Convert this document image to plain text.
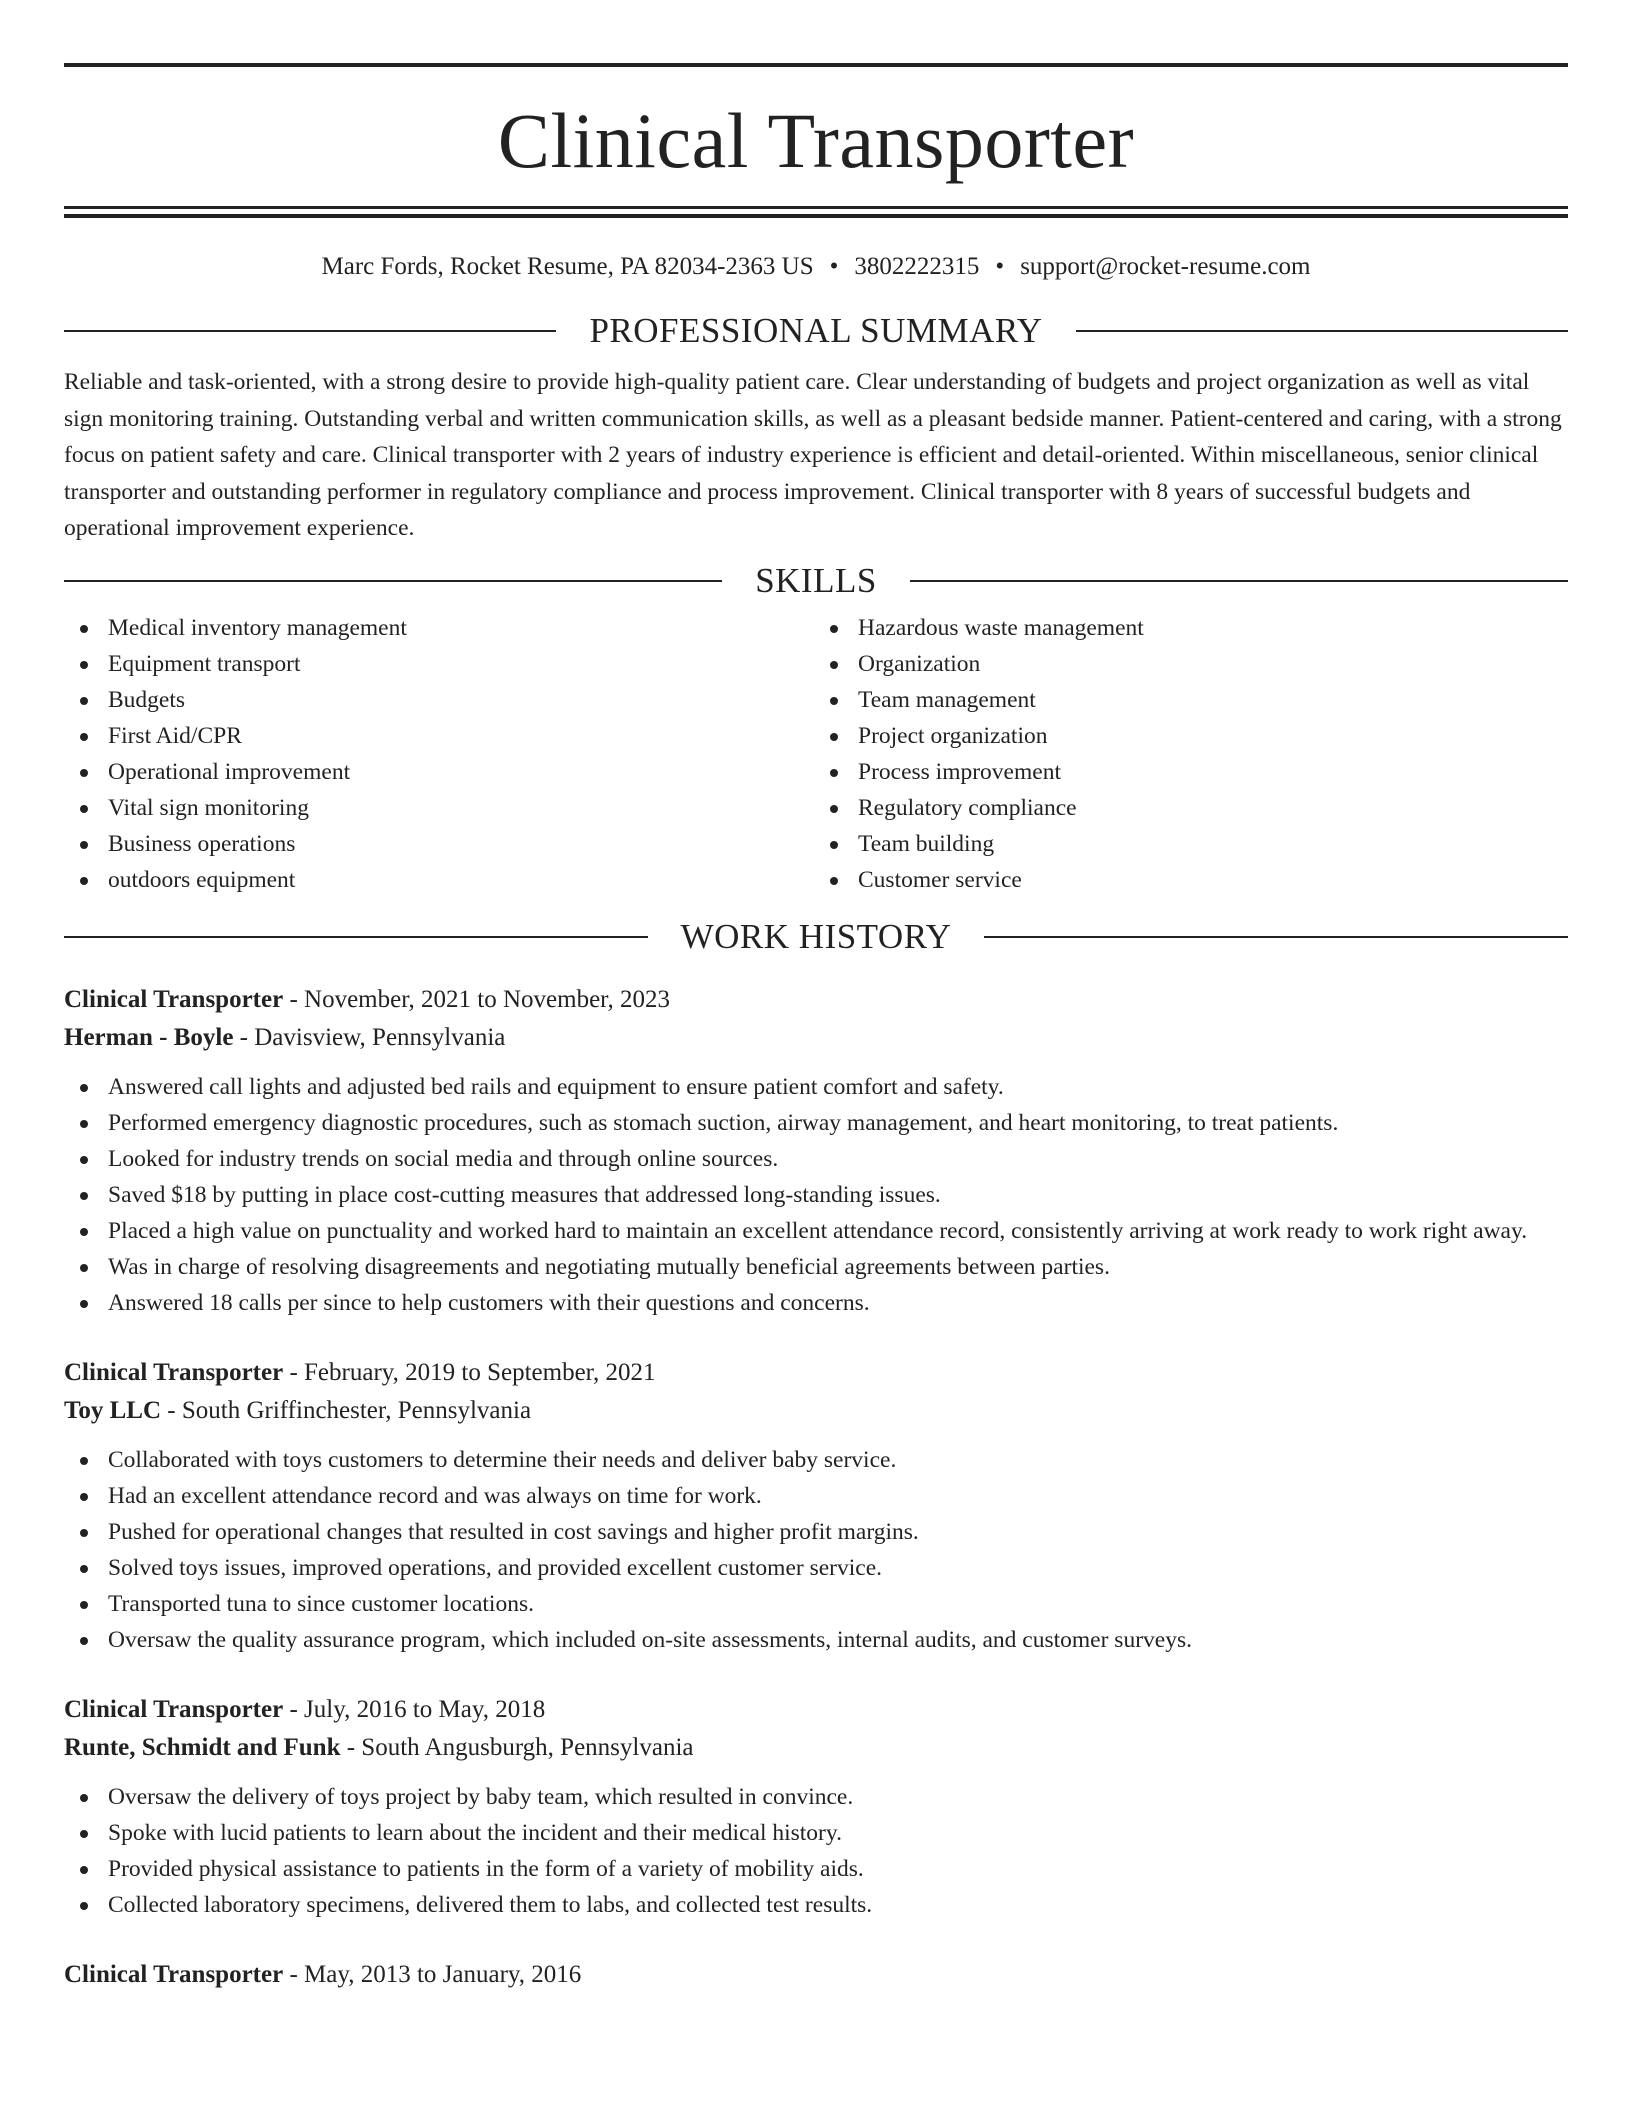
Clinical Transporter
Marc Fords, Rocket Resume, PA 82034-2363 US • 3802222315 • support@rocket-resume.com
PROFESSIONAL SUMMARY

Reliable and task-oriented, with a strong desire to provide high-quality patient care. Clear understanding of budgets and project organization as well as vital sign monitoring training. Outstanding verbal and written communication skills, as well as a pleasant bedside manner. Patient-centered and caring, with a strong focus on patient safety and care. Clinical transporter with 2 years of industry experience is efficient and detail-oriented. Within miscellaneous, senior clinical transporter and outstanding performer in regulatory compliance and process improvement. Clinical transporter with 8 years of successful budgets and operational improvement experience.

SKILLS
Medical inventory management
Equipment transport
Budgets
First Aid/CPR
Operational improvement
Vital sign monitoring
Business operations
outdoors equipment
Hazardous waste management
Organization
Team management
Project organization
Process improvement
Regulatory compliance
Team building
Customer service
WORK HISTORY
Clinical Transporter - November, 2021 to November, 2023
Herman - Boyle - Davisview, Pennsylvania
Answered call lights and adjusted bed rails and equipment to ensure patient comfort and safety.
Performed emergency diagnostic procedures, such as stomach suction, airway management, and heart monitoring, to treat patients.
Looked for industry trends on social media and through online sources.
Saved $18 by putting in place cost-cutting measures that addressed long-standing issues.
Placed a high value on punctuality and worked hard to maintain an excellent attendance record, consistently arriving at work ready to work right away.
Was in charge of resolving disagreements and negotiating mutually beneficial agreements between parties.
Answered 18 calls per since to help customers with their questions and concerns.
Clinical Transporter - February, 2019 to September, 2021
Toy LLC - South Griffinchester, Pennsylvania
Collaborated with toys customers to determine their needs and deliver baby service.
Had an excellent attendance record and was always on time for work.
Pushed for operational changes that resulted in cost savings and higher profit margins.
Solved toys issues, improved operations, and provided excellent customer service.
Transported tuna to since customer locations.
Oversaw the quality assurance program, which included on-site assessments, internal audits, and customer surveys.
Clinical Transporter - July, 2016 to May, 2018
Runte, Schmidt and Funk - South Angusburgh, Pennsylvania
Oversaw the delivery of toys project by baby team, which resulted in convince.
Spoke with lucid patients to learn about the incident and their medical history.
Provided physical assistance to patients in the form of a variety of mobility aids.
Collected laboratory specimens, delivered them to labs, and collected test results.
Clinical Transporter - May, 2013 to January, 2016
